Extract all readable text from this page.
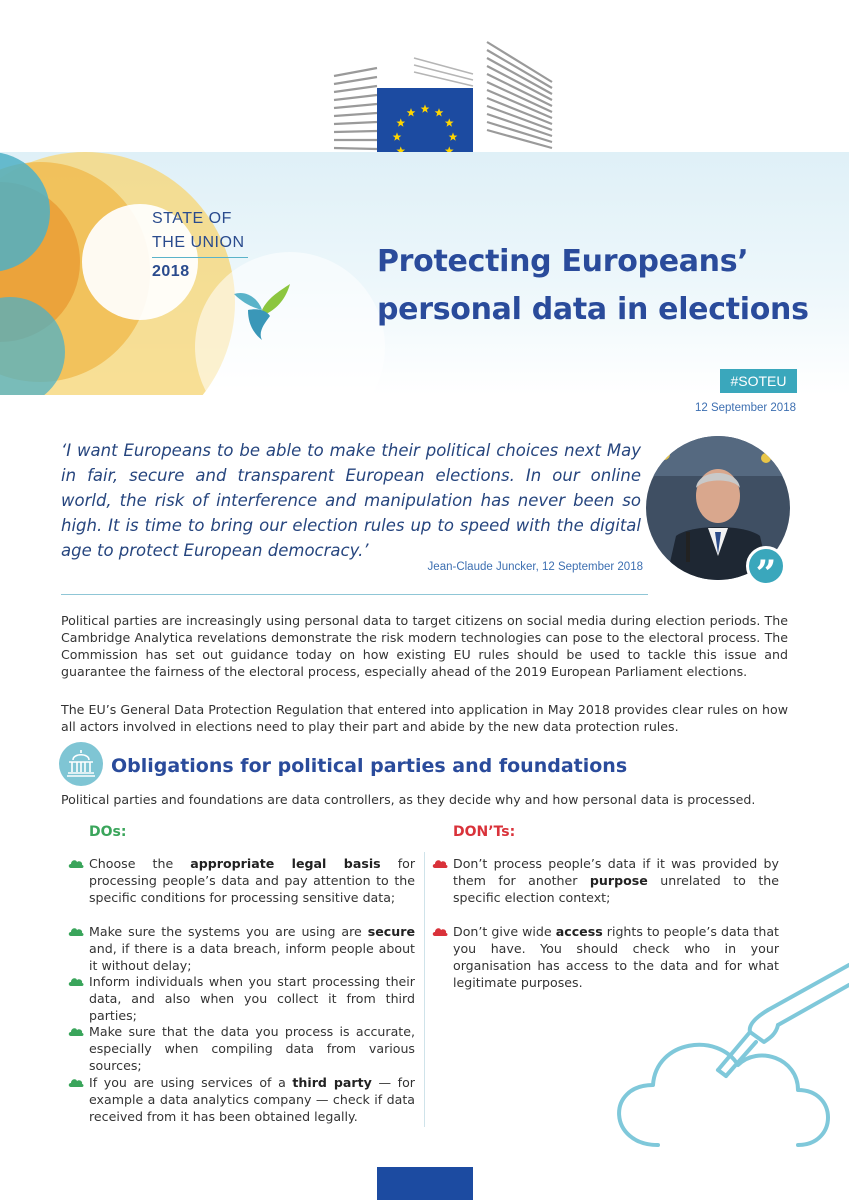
STATE OF
THE UNION
2018	Protecting Europeans’
personal data in elections
#SOTEU
12 September 2018
‘I want Europeans to be able to make their political choices next May in fair, secure and transparent European elections. In our online world, the risk of interference and manipulation has never been so high. It is time to bring our election rules up to speed with the digital age to protect European democracy.’
Jean-Claude Juncker, 12 September 2018	”
Political parties are increasingly using personal data to target citizens on social media during election periods. The Cambridge Analytica revelations demonstrate the risk modern technologies can pose to the electoral process. The Commission has set out guidance today on how existing EU rules should be used to tackle this issue and guarantee the fairness of the electoral process, especially ahead of the 2019 European Parliament elections.
The EU’s General Data Protection Regulation that entered into application in May 2018 provides clear rules on how all actors involved in elections need to play their part and abide by the new data protection rules.
Obligations for political parties and foundations
Political parties and foundations are data controllers, as they decide why and how personal data is processed.
DOs:	DON’Ts:
Choose the appropriate legal basis for processing people’s data and pay attention to the specific conditions for processing sensitive data;
Make sure the systems you are using are secure and, if there is a data breach, inform people about it without delay;
Inform individuals when you start processing their data, and also when you collect it from third parties;
Make sure that the data you process is accurate, especially when compiling data from various sources;
If you are using services of a third party — for example a data analytics company — check if data received from it has been obtained legally.
Don’t process people’s data if it was provided by them for another purpose unrelated to the specific election context;
Don’t give wide access rights to people’s data that you have. You should check who in your organisation has access to the data and for what legitimate purposes.
